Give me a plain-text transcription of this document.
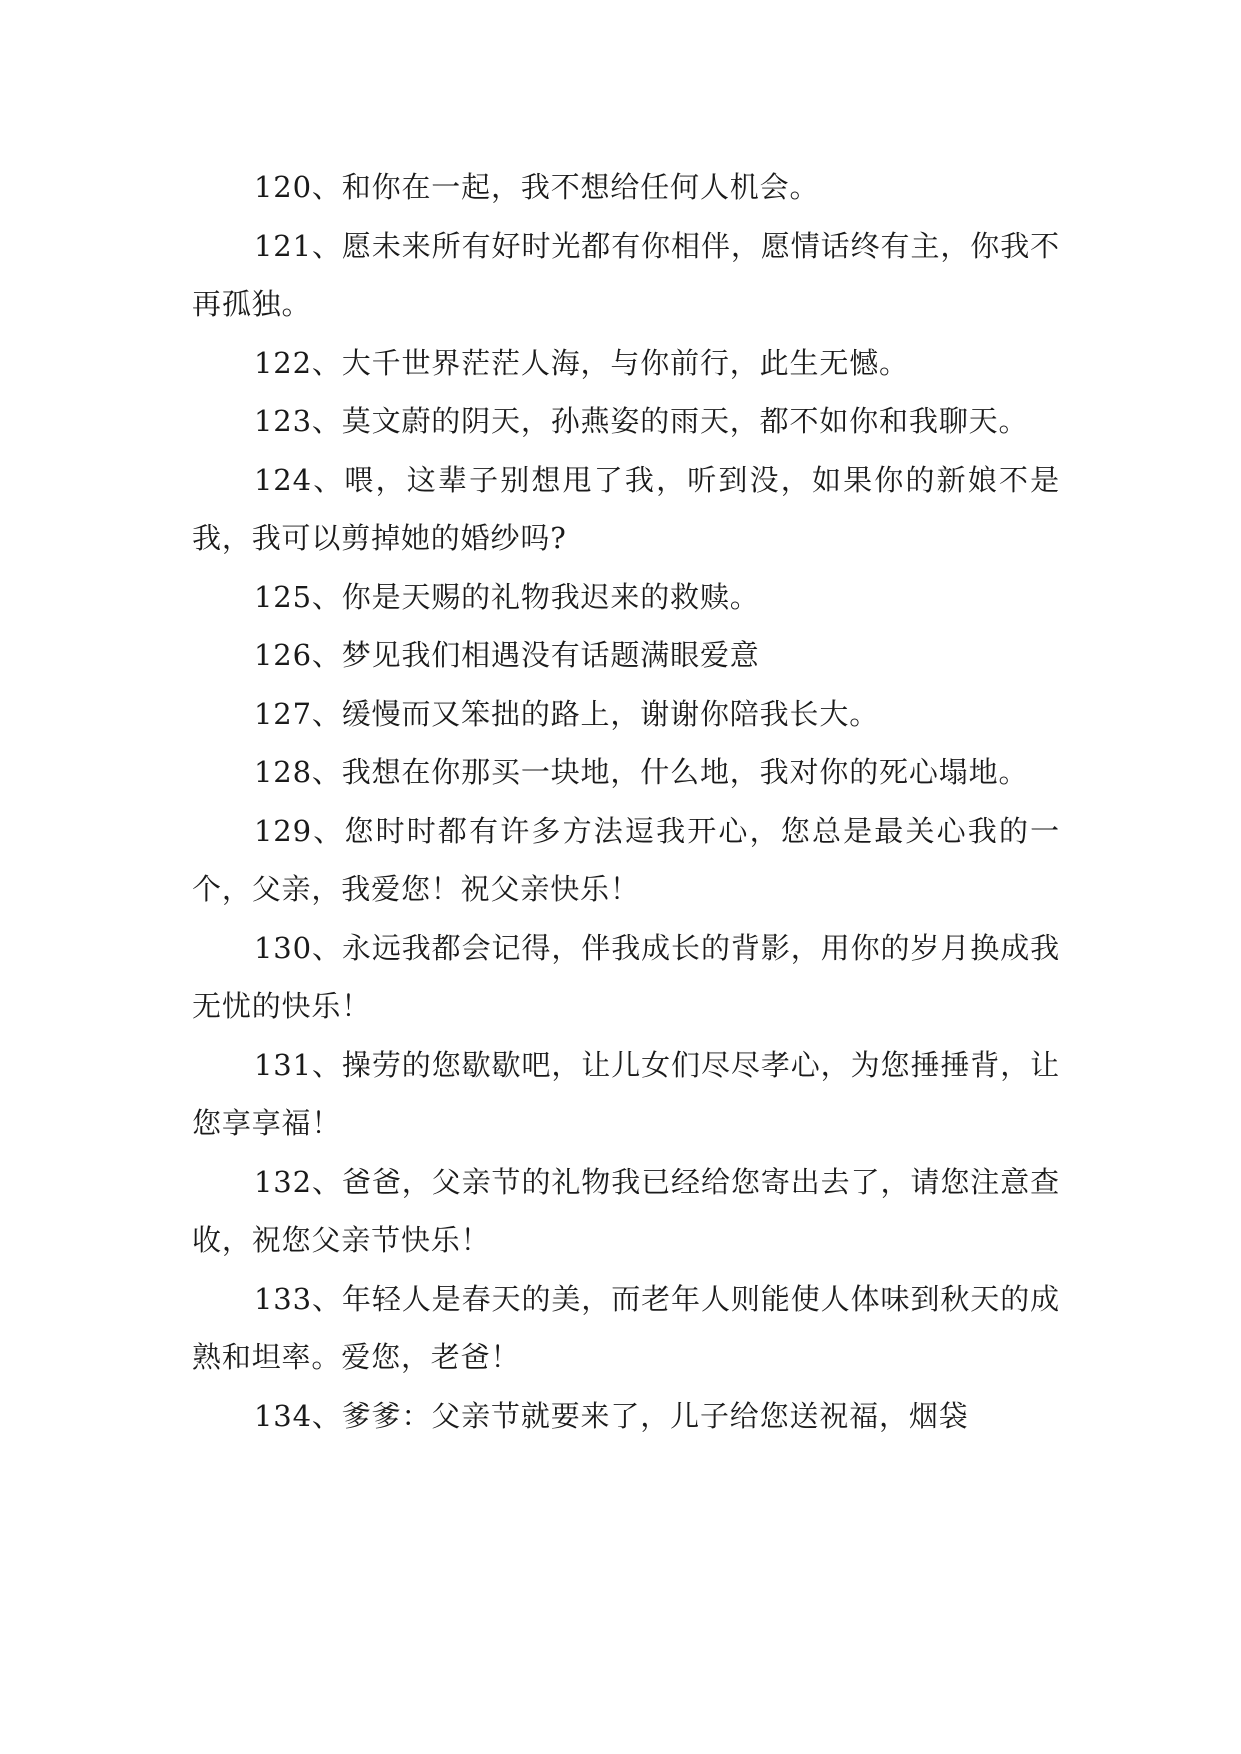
120、和你在一起，我不想给任何人机会。

121、愿未来所有好时光都有你相伴，愿情话终有主，你我不再孤独。

122、大千世界茫茫人海，与你前行，此生无憾。

123、莫文蔚的阴天，孙燕姿的雨天，都不如你和我聊天。

124、喂，这辈子别想甩了我，听到没，如果你的新娘不是我，我可以剪掉她的婚纱吗?

125、你是天赐的礼物我迟来的救赎。

126、梦见我们相遇没有话题满眼爱意

127、缓慢而又笨拙的路上，谢谢你陪我长大。

128、我想在你那买一块地，什么地，我对你的死心塌地。

129、您时时都有许多方法逗我开心，您总是最关心我的一个，父亲，我爱您！祝父亲快乐！

130、永远我都会记得，伴我成长的背影，用你的岁月换成我无忧的快乐！

131、操劳的您歇歇吧，让儿女们尽尽孝心，为您捶捶背，让您享享福！

132、爸爸，父亲节的礼物我已经给您寄出去了，请您注意查收，祝您父亲节快乐！

133、年轻人是春天的美，而老年人则能使人体味到秋天的成熟和坦率。爱您，老爸！

134、爹爹：父亲节就要来了，儿子给您送祝福，烟袋
